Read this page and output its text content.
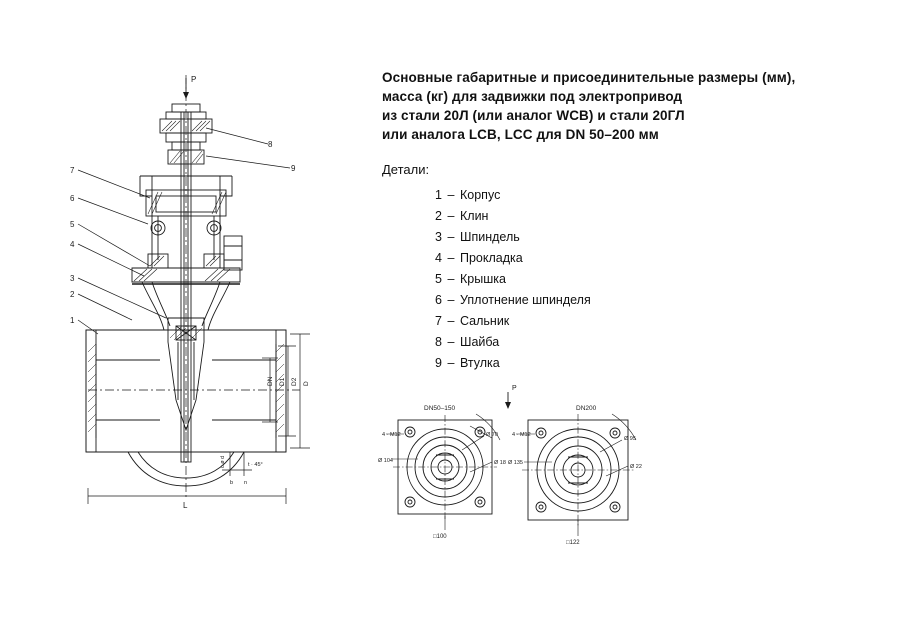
Основные габаритные и присоединительные размеры (мм),
масса (кг) для задвижки под электропривод
из стали 20Л (или аналог WCB) и стали 20ГЛ
или аналога LCB, LCC для DN 50–200 мм

Детали:

1 – Корпус
2 – Клин
3 – Шпиндель
4 – Прокладка
5 – Крышка
6 – Уплотнение шпинделя
7 – Сальник
8 – Шайба
9 – Втулка
P
1
2
3
4
5
6
7
8
9
DN D1 D2 D
L
c ø d	t · 45°
b n
P
DN50–150
4 · M12
Ø 104
Ø 70
Ø 18
□100
DN200
4 · M12
Ø 135
Ø 95
Ø 22
□122
